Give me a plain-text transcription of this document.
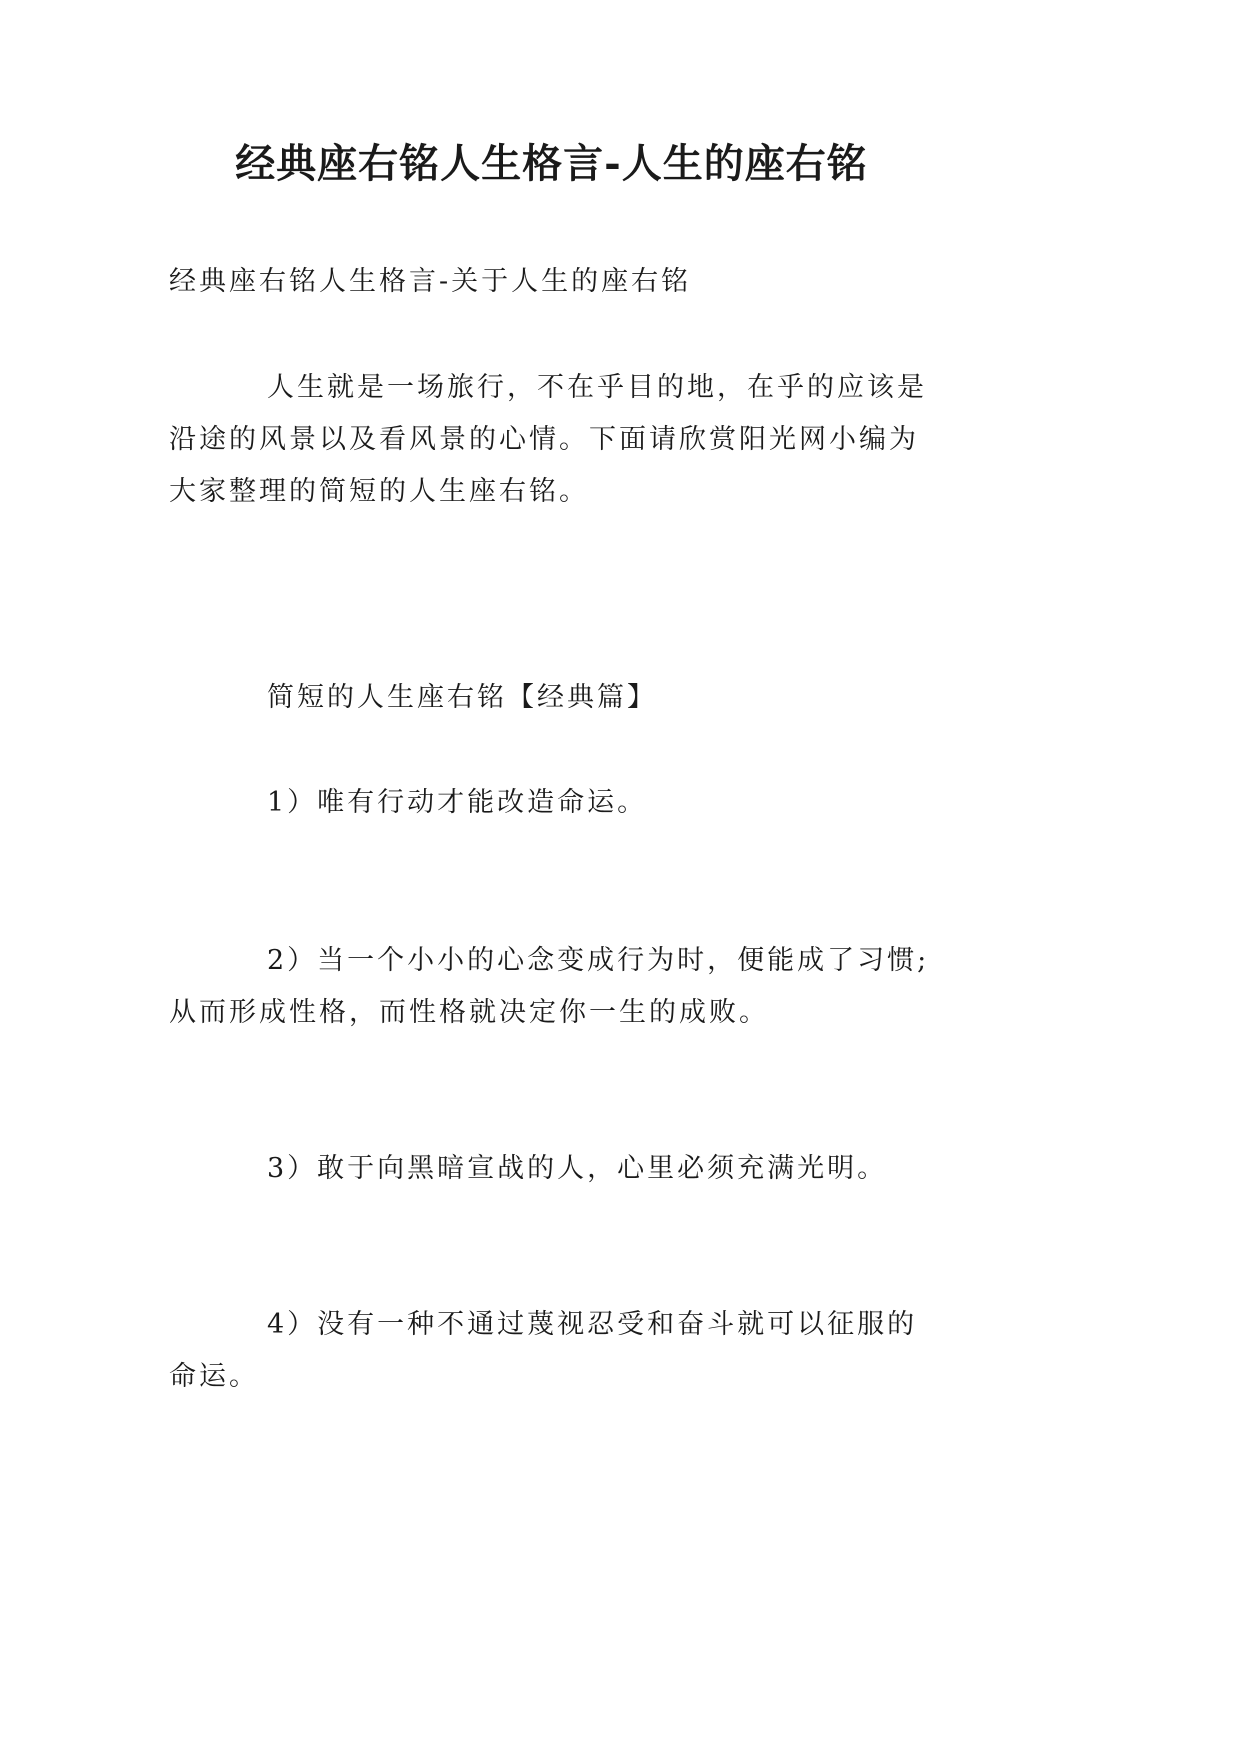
经典座右铭人生格言-人生的座右铭

经典座右铭人生格言-关于人生的座右铭

人生就是一场旅行，不在乎目的地，在乎的应该是沿途的风景以及看风景的心情。下面请欣赏阳光网小编为大家整理的简短的人生座右铭。

简短的人生座右铭【经典篇】

1）唯有行动才能改造命运。

2）当一个小小的心念变成行为时，便能成了习惯;从而形成性格，而性格就决定你一生的成败。

3）敢于向黑暗宣战的人，心里必须充满光明。

4）没有一种不通过蔑视忍受和奋斗就可以征服的命运。
